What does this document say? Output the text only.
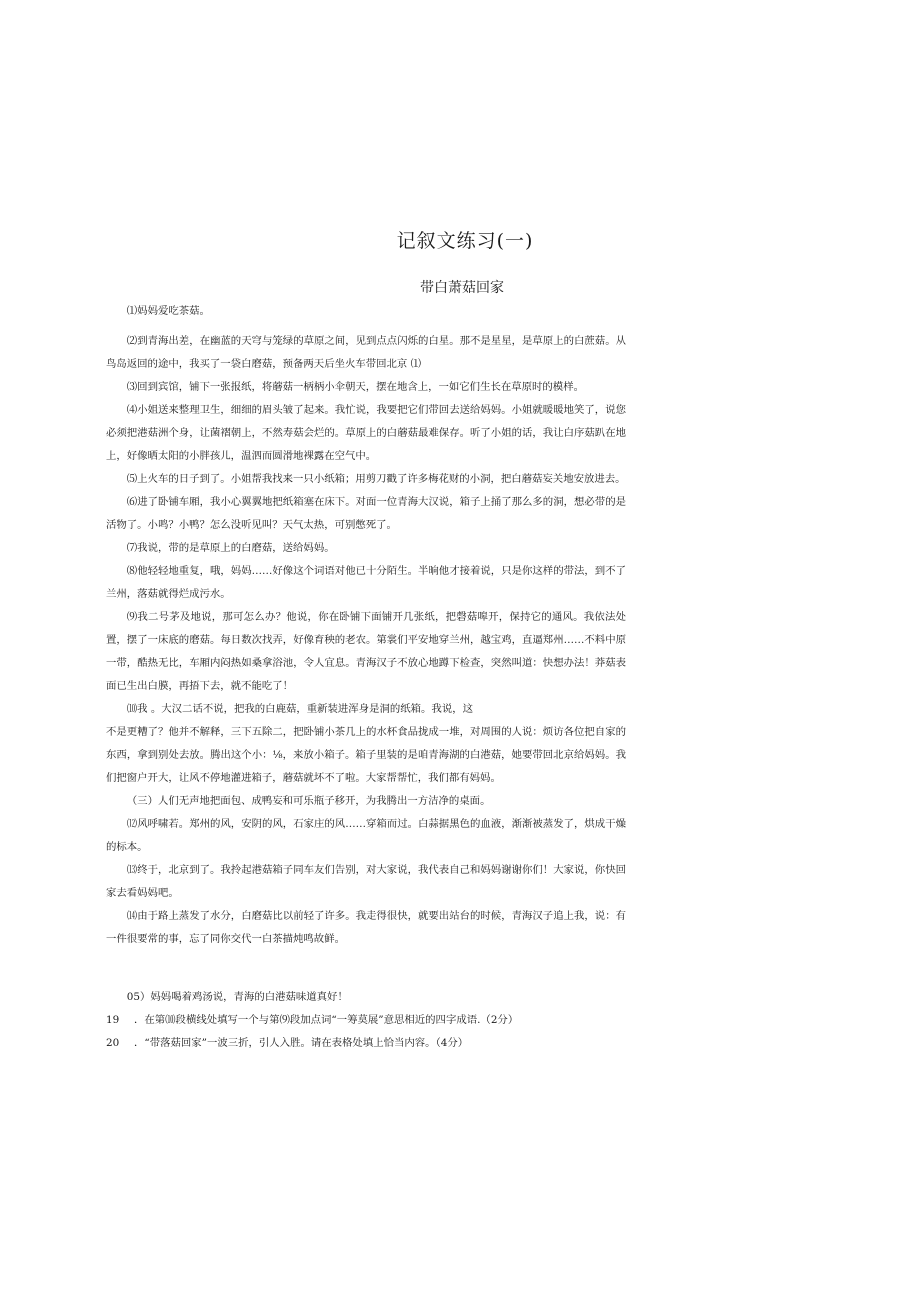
记叙文练习(一)
带白萧菇回家

⑴妈妈爱吃茶菇。

⑵到青海出差，在幽蓝的天穹与笼绿的草原之间，见到点点闪烁的白星。那不是星星，是草原上的白蔗菇。从鸟岛返回的途中，我买了一袋白磨菇，预备两天后坐火车带回北京 ⑴

⑶回到宾馆，铺下一张报纸，将蘑菇一柄柄小伞朝天，摆在地含上，一如它们生长在草原时的模样。

⑷小姐送来整理卫生，细细的眉头皱了起来。我忙说，我要把它们带回去送给妈妈。小姐就暖暖地笑了，说您必须把港菇洲个身，让菌褶朝上，不然寿菇会烂的。草原上的白蘑菇最难保存。听了小姐的话，我让白序菇趴在地上，好像晒太阳的小胖孩儿，温泗而圆滑地裸露在空气中。

⑸上火车的日子到了。小姐帮我找来一只小纸箱；用剪刀戳了许多梅花财的小洞，把白蘑菇妄关地安放进去。

⑹进了卧铺车厢，我小心翼翼地把纸箱塞在床下。对面一位青海大汉说，箱子上捅了那么多的洞，想必带的是活物了。小鸣？小鸭？怎么没听见叫？天气太热，可别憋死了。

⑺我说，带的是草原上的白磨菇，送给妈妈。

⑻他轻轻地重复，哦，妈妈……好像这个词语对他已十分陌生。半晌他才接着说，只是你这样的带法，到不了兰州，落菇就得烂成污水。

⑼我二号茅及地说，那可怎么办？他说，你在卧铺下面铺开几张纸，把磬菇嗥开，保持它的通风。我依法处置，摆了一床底的磨菇。每日数次找弄，好像育秧的老农。第裳们平安地穿兰州，越宝鸡，直逼郑州……不料中原一带，酷热无比，车厢内闷热如桑拿浴池，令人宜息。青海汉子不放心地蹲下检查，突然叫道：快想办法！莽菇表面已生出白膜，再捂下去，就不能吃了！

⑽我 。大汉二话不说，把我的白鹿菇，重新装进浑身是洞的纸箱。我说，这

不是更糟了？他并不解释，三下五除二，把卧铺小茶几上的水杯食品拢成一堆，对周围的人说：烦访各位把自家的东西，拿到别处去放。腾出这个小：⅛，来放小箱子。箱子里装的是咱青海湖的白港菇，她要带回北京给妈妈。我们把窗户开大，让风不停地灌进箱子，蘑菇就坏不了啦。大家帮帮忙，我们都有妈妈。

（三）人们无声地把面包、成鸭妄和可乐瓶子移开，为我腾出一方洁净的桌面。

⑿风呼啸若。郑州的风，安阴的风，石家庄的风……穿箱而过。白蒜据黑色的血液，渐渐被蒸发了，烘成干燥的标本。

⒀终于，北京到了。我拎起港菇箱子同车友们告别，对大家说，我代表自己和妈妈谢谢你们！大家说，你快回家去看妈妈吧。

⒁由于路上蒸发了水分，白磨菇比以前轻了许多。我走得很快，就要出站台的时候，青海汉子追上我，说：有一件很要常的事，忘了同你交代一白茶描炖鸣故鲜。

05）妈妈喝着鸡汤说，青海的白港菇味道真好！

19 ．在第⑽段横线处填写一个与第⑼段加点词“一筹莫展”意思相近的四字成语.（2分）

20 ．“带落菇回家”一波三折，引人入胜。请在表格处填上恰当内容。（4分）
